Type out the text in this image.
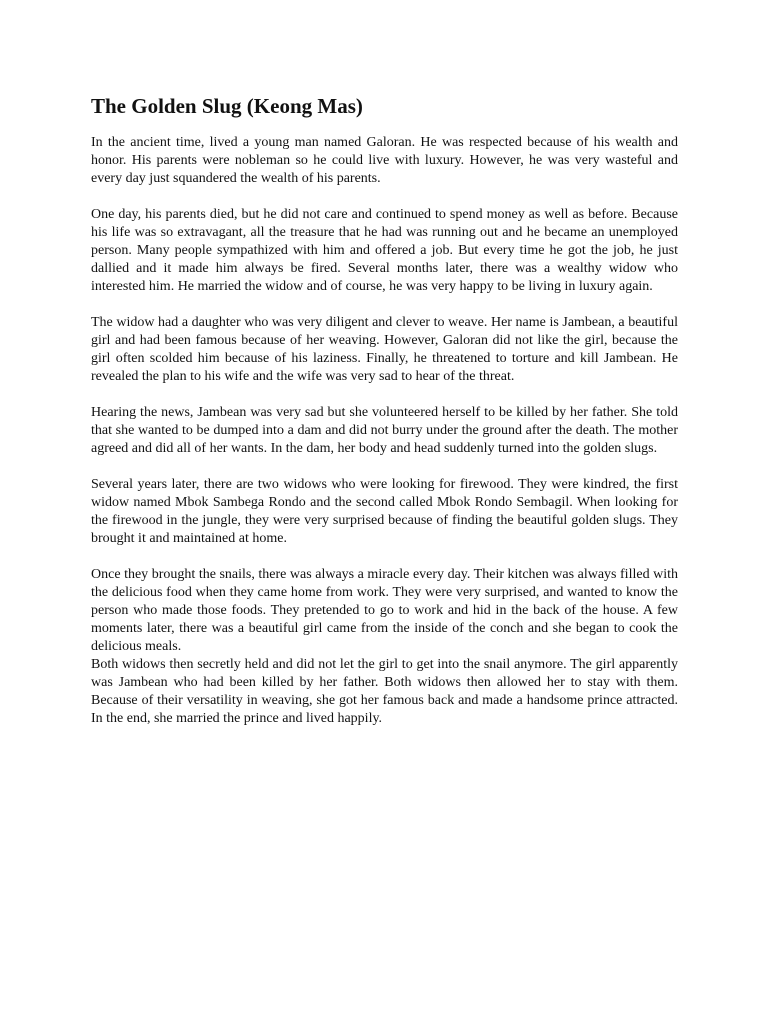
The Golden Slug (Keong Mas)

In the ancient time, lived a young man named Galoran. He was respected because of his wealth and honor. His parents were nobleman so he could live with luxury. However, he was very wasteful and every day just squandered the wealth of his parents.

One day, his parents died, but he did not care and continued to spend money as well as before. Because his life was so extravagant, all the treasure that he had was running out and he became an unemployed person. Many people sympathized with him and offered a job. But every time he got the job, he just dallied and it made him always be fired. Several months later, there was a wealthy widow who interested him. He married the widow and of course, he was very happy to be living in luxury again.

The widow had a daughter who was very diligent and clever to weave. Her name is Jambean, a beautiful girl and had been famous because of her weaving. However, Galoran did not like the girl, because the girl often scolded him because of his laziness. Finally, he threatened to torture and kill Jambean. He revealed the plan to his wife and the wife was very sad to hear of the threat.

Hearing the news, Jambean was very sad but she volunteered herself to be killed by her father. She told that she wanted to be dumped into a dam and did not burry under the ground after the death. The mother agreed and did all of her wants. In the dam, her body and head suddenly turned into the golden slugs.

Several years later, there are two widows who were looking for firewood. They were kindred, the first widow named Mbok Sambega Rondo and the second called Mbok Rondo Sembagil. When looking for the firewood in the jungle, they were very surprised because of finding the beautiful golden slugs. They brought it and maintained at home.

Once they brought the snails, there was always a miracle every day. Their kitchen was always filled with the delicious food when they came home from work. They were very surprised, and wanted to know the person who made those foods. They pretended to go to work and hid in the back of the house. A few moments later, there was a beautiful girl came from the inside of the conch and she began to cook the delicious meals.

Both widows then secretly held and did not let the girl to get into the snail anymore. The girl apparently was Jambean who had been killed by her father. Both widows then allowed her to stay with them. Because of their versatility in weaving, she got her famous back and made a handsome prince attracted. In the end, she married the prince and lived happily.
